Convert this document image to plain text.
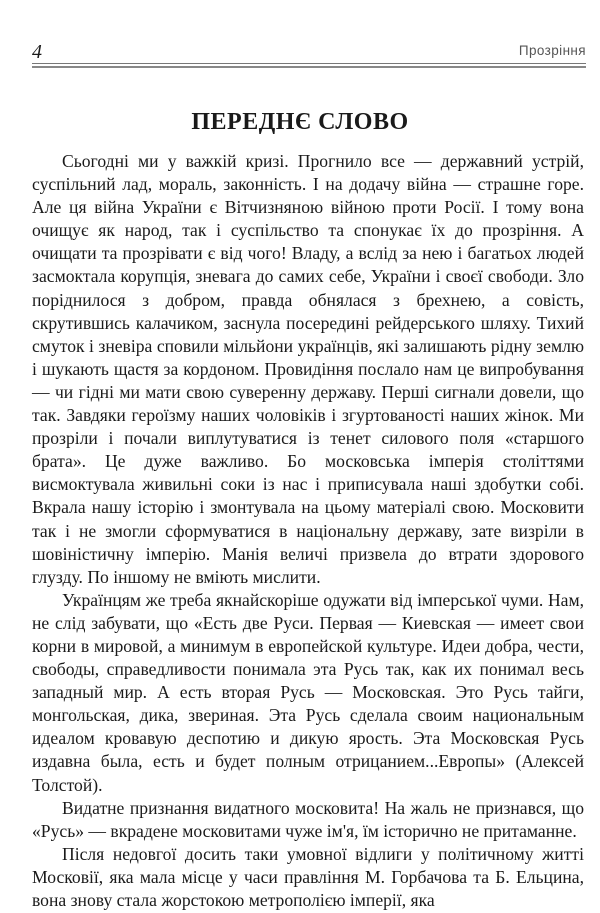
4	Прозріння
ПЕРЕДНЄ СЛОВО

Сьогодні ми у важкій кризі. Прогнило все — державний устрій, суспільний лад, мораль, законність. І на додачу війна — страшне горе. Але ця війна України є Вітчизняною війною проти Росії. І тому вона очищує як народ, так і суспільство та спонукає їх до прозріння. А очищати та прозрівати є від чого! Владу, а вслід за нею і багатьох людей засмоктала корупція, зневага до самих себе, України і своєї свободи. Зло поріднилося з добром, правда обнялася з брехнею, а совість, скрутившись калачиком, заснула посередині рейдерського шляху. Тихий смуток і зневіра сповили мільйони українців, які залишають рідну землю і шукають щастя за кордоном. Провидіння послало нам це випробування — чи гідні ми мати свою суверенну державу. Перші сигнали довели, що так. Завдяки героїзму наших чоловіків і згуртованості наших жінок. Ми прозріли і почали виплутуватися із тенет силового поля «старшого брата». Це дуже важливо. Бо московська імперія століттями висмоктувала живильні соки із нас і приписувала наші здобутки собі. Вкрала нашу історію і змонтувала на цьому матеріалі свою. Московити так і не змогли сформуватися в національну державу, зате визріли в шовіністичну імперію. Манія величі призвела до втрати здорового глузду. По іншому не вміють мислити.

Українцям же треба якнайскоріше одужати від імперської чуми. Нам, не слід забувати, що «Есть две Руси. Первая — Киевская — имеет свои корни в мировой, а минимум в европейской культуре. Идеи добра, чести, свободы, справедливости понимала эта Русь так, как их понимал весь западный мир. А есть вторая Русь — Московская. Это Русь тайги, монгольская, дика, звериная. Эта Русь сделала своим национальным идеалом кровавую деспотию и дикую ярость. Эта Московская Русь издавна была, есть и будет полным отрицанием...Европы» (Алексей Толстой).

Видатне признання видатного московита! На жаль не признався, що «Русь» — вкрадене московитами чуже ім'я, їм історично не притаманне.

Після недовгої досить таки умовної відлиги у політичному житті Московії, яка мала місце у часи правління М. Горбачова та Б. Ельцина, вона знову стала жорстокою метрополією імперії, яка
